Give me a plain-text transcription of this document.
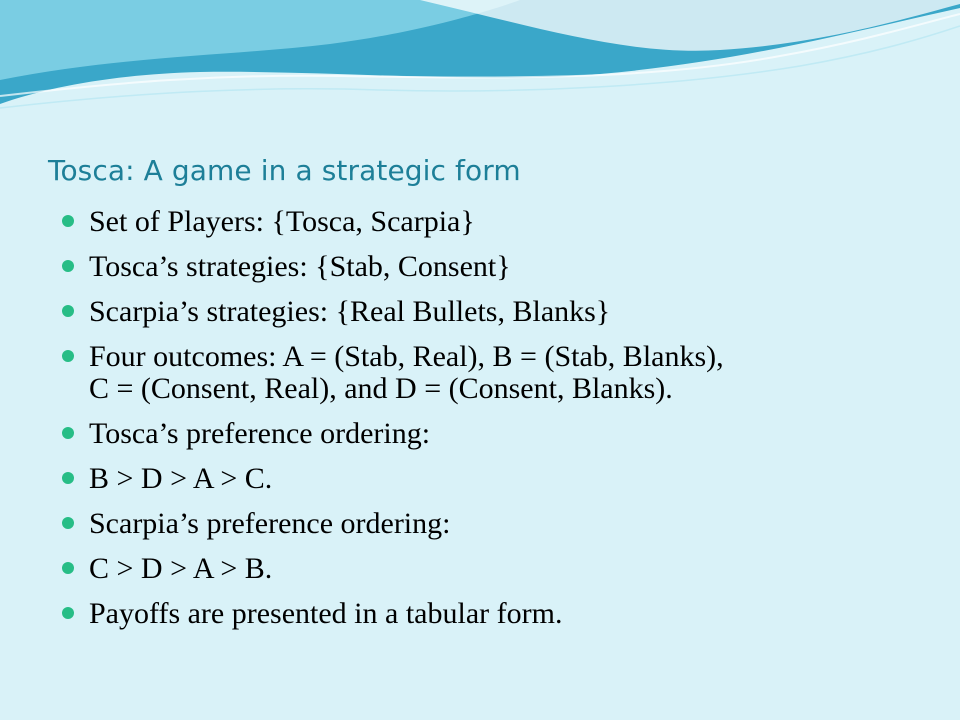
Tosca: A game in a strategic form
Set of Players: {Tosca, Scarpia}
Tosca’s strategies: {Stab, Consent}
Scarpia’s strategies: {Real Bullets, Blanks}
Four outcomes: A = (Stab, Real), B = (Stab, Blanks),
C = (Consent, Real), and D = (Consent, Blanks).
Tosca’s preference ordering:
B > D > A > C.
Scarpia’s preference ordering:
C > D > A > B.
Payoffs are presented in a tabular form.
